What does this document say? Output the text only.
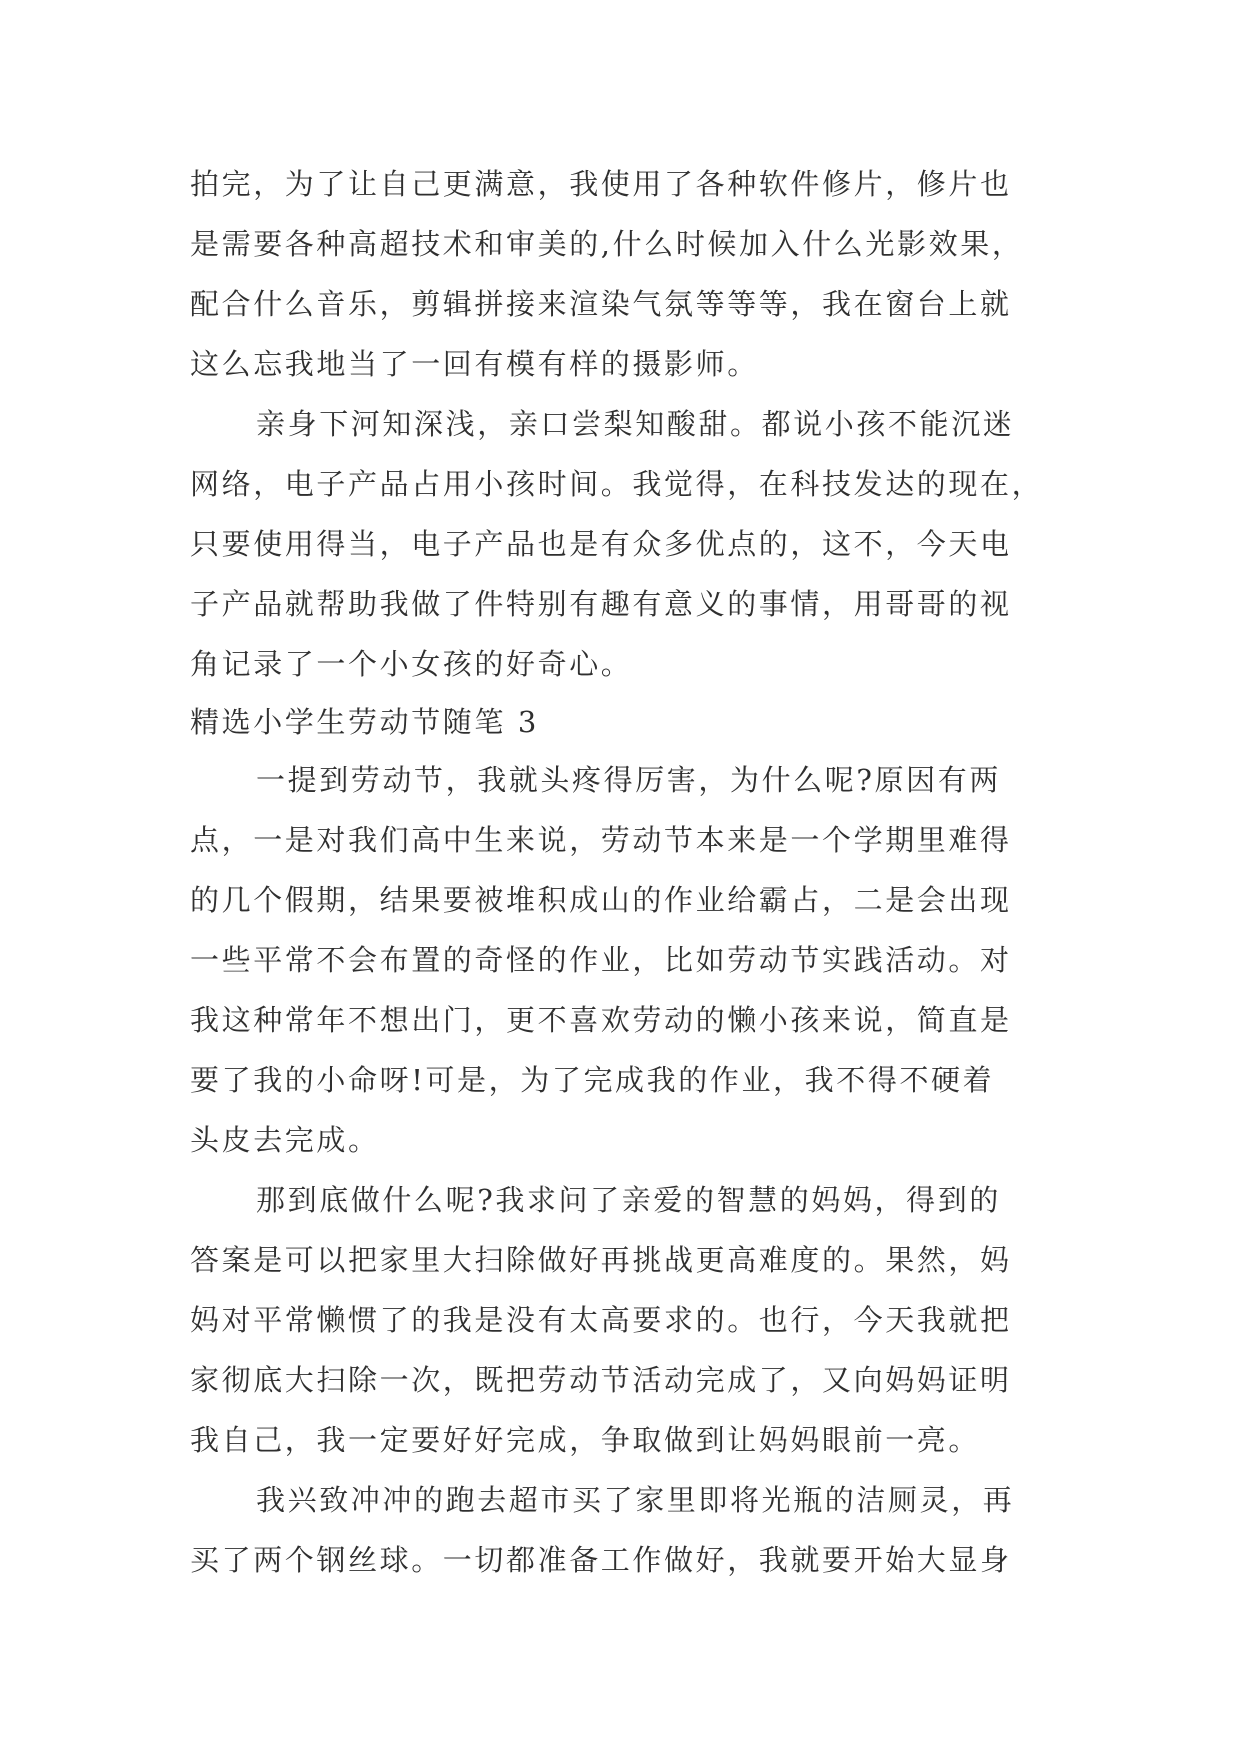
拍完，为了让自己更满意，我使用了各种软件修片，修片也
是需要各种高超技术和审美的,什么时候加入什么光影效果，
配合什么音乐，剪辑拼接来渲染气氛等等等，我在窗台上就
这么忘我地当了一回有模有样的摄影师。
亲身下河知深浅，亲口尝梨知酸甜。都说小孩不能沉迷
网络，电子产品占用小孩时间。我觉得，在科技发达的现在，
只要使用得当，电子产品也是有众多优点的，这不，今天电
子产品就帮助我做了件特别有趣有意义的事情，用哥哥的视
角记录了一个小女孩的好奇心。
精选小学生劳动节随笔 3
一提到劳动节，我就头疼得厉害，为什么呢?原因有两
点，一是对我们高中生来说，劳动节本来是一个学期里难得
的几个假期，结果要被堆积成山的作业给霸占，二是会出现
一些平常不会布置的奇怪的作业，比如劳动节实践活动。对
我这种常年不想出门，更不喜欢劳动的懒小孩来说，简直是
要了我的小命呀!可是，为了完成我的作业，我不得不硬着
头皮去完成。
那到底做什么呢?我求问了亲爱的智慧的妈妈，得到的
答案是可以把家里大扫除做好再挑战更高难度的。果然，妈
妈对平常懒惯了的我是没有太高要求的。也行，今天我就把
家彻底大扫除一次，既把劳动节活动完成了，又向妈妈证明
我自己，我一定要好好完成，争取做到让妈妈眼前一亮。
我兴致冲冲的跑去超市买了家里即将光瓶的洁厕灵，再
买了两个钢丝球。一切都准备工作做好，我就要开始大显身
